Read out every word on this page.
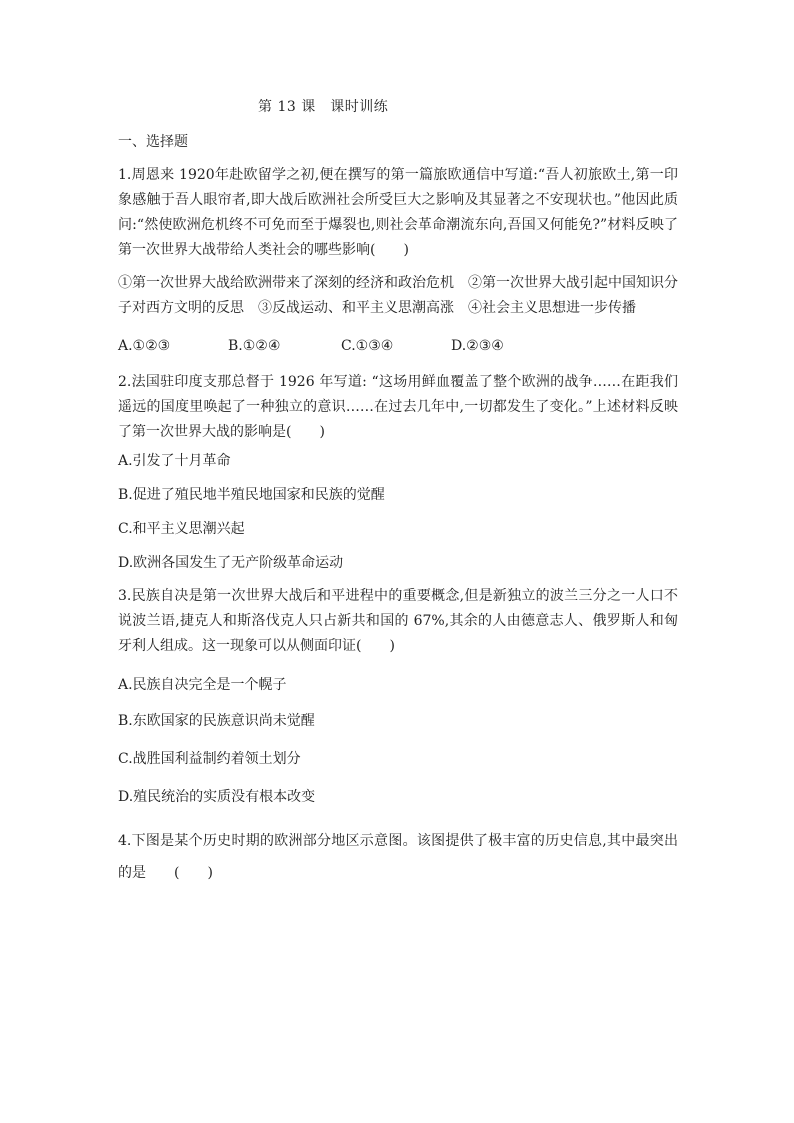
第 13 课　课时训练
一、选择题
1.周恩来 1920年赴欧留学之初,便在撰写的第一篇旅欧通信中写道:“吾人初旅欧土,第一印象感触于吾人眼帘者,即大战后欧洲社会所受巨大之影响及其显著之不安现状也。”他因此质问:“然使欧洲危机终不可免而至于爆裂也,则社会革命潮流东向,吾国又何能免?”材料反映了第一次世界大战带给人类社会的哪些影响(　　)
①第一次世界大战给欧洲带来了深刻的经济和政治危机　②第一次世界大战引起中国知识分子对西方文明的反思　③反战运动、和平主义思潮高涨　④社会主义思想进一步传播
A.①②③	B.①②④	C.①③④	D.②③④
2.法国驻印度支那总督于 1926 年写道: “这场用鲜血覆盖了整个欧洲的战争……在距我们遥远的国度里唤起了一种独立的意识……在过去几年中,一切都发生了变化。”上述材料反映了第一次世界大战的影响是(　　)
A.引发了十月革命
B.促进了殖民地半殖民地国家和民族的觉醒
C.和平主义思潮兴起
D.欧洲各国发生了无产阶级革命运动
3.民族自决是第一次世界大战后和平进程中的重要概念,但是新独立的波兰三分之一人口不说波兰语,捷克人和斯洛伐克人只占新共和国的 67%,其余的人由德意志人、俄罗斯人和匈牙利人组成。这一现象可以从侧面印证(　　)
A.民族自决完全是一个幌子
B.东欧国家的民族意识尚未觉醒
C.战胜国利益制约着领土划分
D.殖民统治的实质没有根本改变
4.下图是某个历史时期的欧洲部分地区示意图。该图提供了极丰富的历史信息,其中最突出的是　　(　　)
